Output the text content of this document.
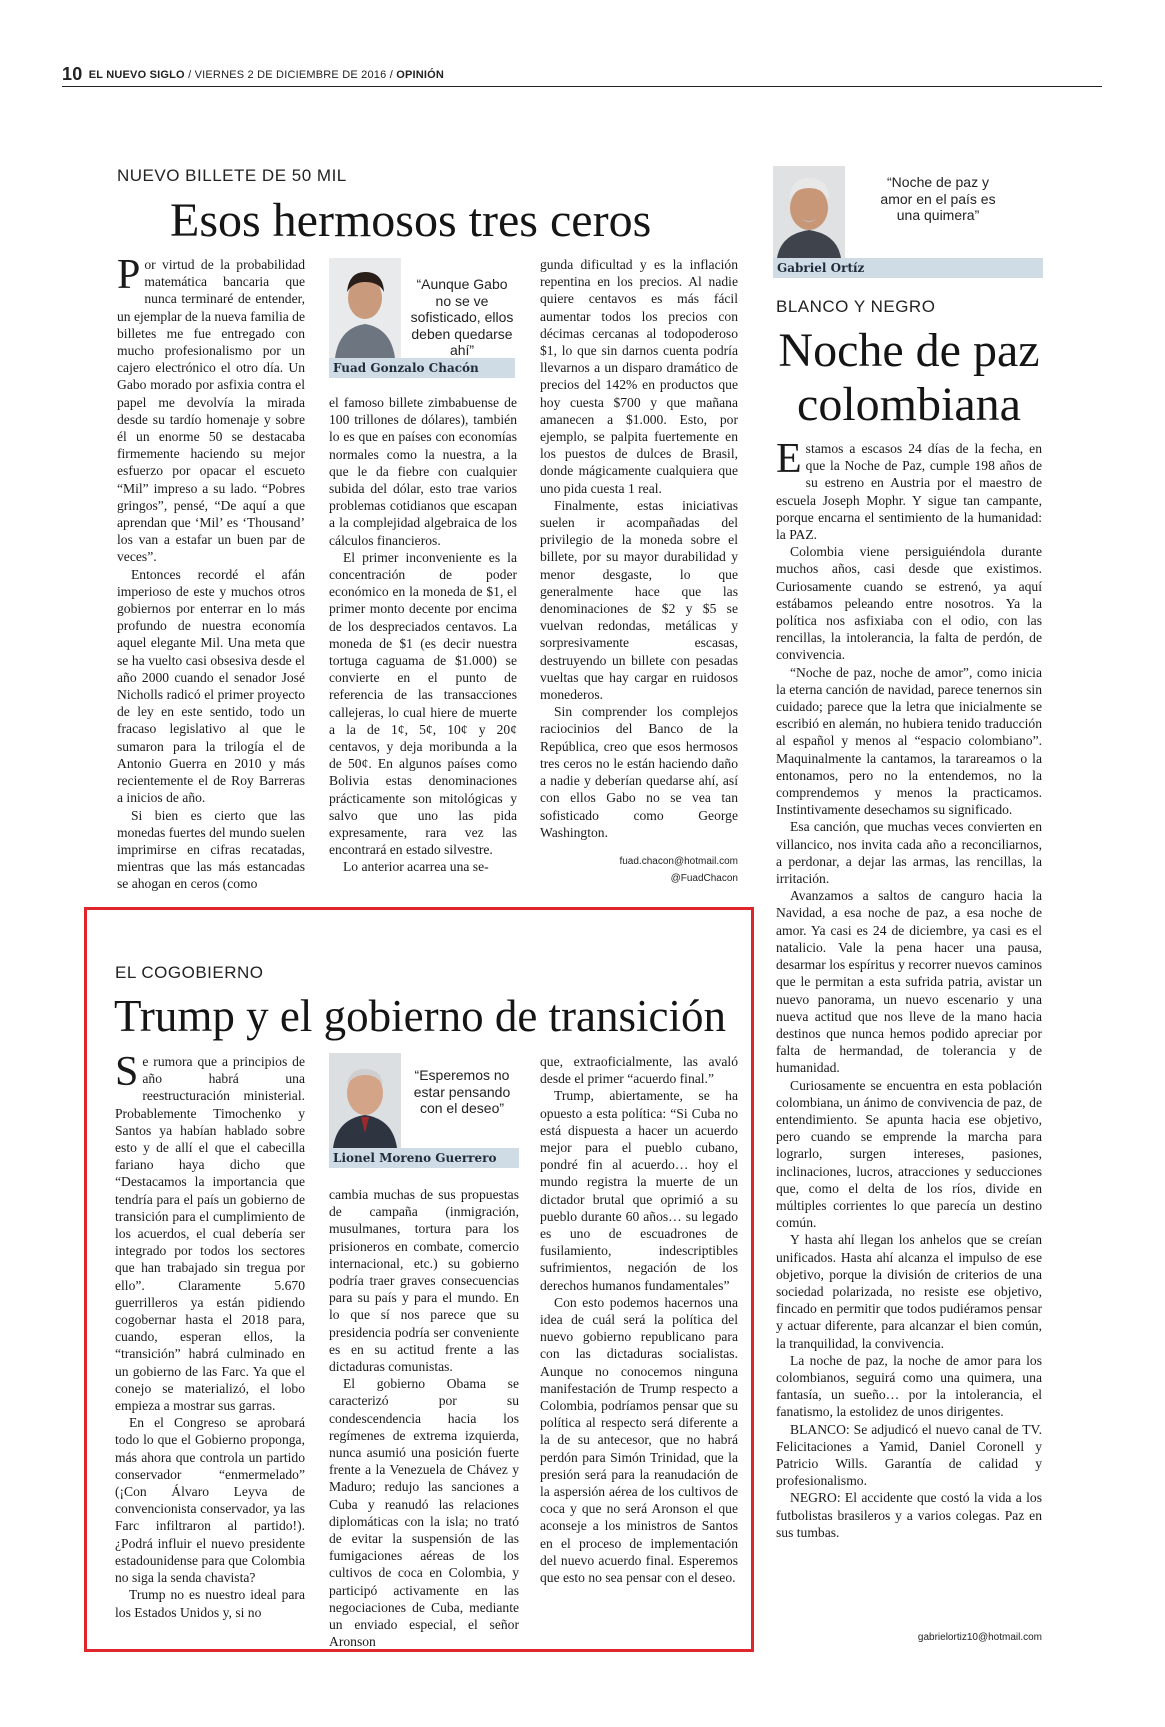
10 EL NUEVO SIGLO / VIERNES 2 DE DICIEMBRE DE 2016 / OPINIÓN
NUEVO BILLETE DE 50 MIL
Esos hermosos tres ceros

Por virtud de la probabilidad matemática bancaria que nunca terminaré de entender, un ejemplar de la nueva familia de billetes me fue entregado con mucho profesionalismo por un cajero electrónico el otro día. Un Gabo morado por asfixia contra el papel me devolvía la mirada desde su tardío homenaje y sobre él un enorme 50 se destacaba firmemente haciendo su mejor esfuerzo por opacar el escueto “Mil” impreso a su lado. “Pobres gringos”, pensé, “De aquí a que aprendan que ‘Mil’ es ‘Thousand’ los van a estafar un buen par de veces”.

Entonces recordé el afán imperioso de este y muchos otros gobiernos por enterrar en lo más profundo de nuestra economía aquel elegante Mil. Una meta que se ha vuelto casi obsesiva desde el año 2000 cuando el senador José Nicholls radicó el primer proyecto de ley en este sentido, todo un fracaso legislativo al que le sumaron para la trilogía el de Antonio Guerra en 2010 y más recientemente el de Roy Barreras a inicios de año.

Si bien es cierto que las monedas fuertes del mundo suelen imprimirse en cifras recatadas, mientras que las más estancadas se ahogan en ceros (como

“Aunque Gabo no se ve sofisticado, ellos deben quedarse ahí”
Fuad Gonzalo Chacón

el famoso billete zimbabuense de 100 trillones de dólares), también lo es que en países con economías normales como la nuestra, a la que le da fiebre con cualquier subida del dólar, esto trae varios problemas cotidianos que escapan a la complejidad algebraica de los cálculos financieros.

El primer inconveniente es la concentración de poder económico en la moneda de $1, el primer monto decente por encima de los despreciados centavos. La moneda de $1 (es decir nuestra tortuga caguama de $1.000) se convierte en el punto de referencia de las transacciones callejeras, lo cual hiere de muerte a la de 1¢, 5¢, 10¢ y 20¢ centavos, y deja moribunda a la de 50¢. En algunos países como Bolivia estas denominaciones prácticamente son mitológicas y salvo que uno las pida expresamente, rara vez las encontrará en estado silvestre.

Lo anterior acarrea una se-

gunda dificultad y es la inflación repentina en los precios. Al nadie quiere centavos es más fácil aumentar todos los precios con décimas cercanas al todopoderoso $1, lo que sin darnos cuenta podría llevarnos a un disparo dramático de precios del 142% en productos que hoy cuesta $700 y que mañana amanecen a $1.000. Esto, por ejemplo, se palpita fuertemente en los puestos de dulces de Brasil, donde mágicamente cualquiera que uno pida cuesta 1 real.

Finalmente, estas iniciativas suelen ir acompañadas del privilegio de la moneda sobre el billete, por su mayor durabilidad y menor desgaste, lo que generalmente hace que las denominaciones de $2 y $5 se vuelvan redondas, metálicas y sorpresivamente escasas, destruyendo un billete con pesadas vueltas que hay cargar en ruidosos monederos.

Sin comprender los complejos raciocinios del Banco de la República, creo que esos hermosos tres ceros no le están haciendo daño a nadie y deberían quedarse ahí, así con ellos Gabo no se vea tan sofisticado como George Washington.

fuad.chacon@hotmail.com
@FuadChacon
“Noche de paz y amor en el país es una quimera”
Gabriel Ortíz
BLANCO Y NEGRO
Noche de paz
colombiana

Estamos a escasos 24 días de la fecha, en que la Noche de Paz, cumple 198 años de su estreno en Austria por el maestro de escuela Joseph Mophr. Y sigue tan campante, porque encarna el sentimiento de la humanidad: la PAZ.

Colombia viene persiguiéndola durante muchos años, casi desde que existimos. Curiosamente cuando se estrenó, ya aquí estábamos peleando entre nosotros. Ya la política nos asfixiaba con el odio, con las rencillas, la intolerancia, la falta de perdón, de convivencia.

“Noche de paz, noche de amor”, como inicia la eterna canción de navidad, parece tenernos sin cuidado; parece que la letra que inicialmente se escribió en alemán, no hubiera tenido traducción al español y menos al “espacio colombiano”. Maquinalmente la cantamos, la tarareamos o la entonamos, pero no la entendemos, no la comprendemos y menos la practicamos. Instintivamente desechamos su significado.

Esa canción, que muchas veces convierten en villancico, nos invita cada año a reconciliarnos, a perdonar, a dejar las armas, las rencillas, la irritación.

Avanzamos a saltos de canguro hacia la Navidad, a esa noche de paz, a esa noche de amor. Ya casi es 24 de diciembre, ya casi es el natalicio. Vale la pena hacer una pausa, desarmar los espíritus y recorrer nuevos caminos que le permitan a esta sufrida patria, avistar un nuevo panorama, un nuevo escenario y una nueva actitud que nos lleve de la mano hacia destinos que nunca hemos podido apreciar por falta de hermandad, de tolerancia y de humanidad.

Curiosamente se encuentra en esta población colombiana, un ánimo de convivencia de paz, de entendimiento. Se apunta hacia ese objetivo, pero cuando se emprende la marcha para lograrlo, surgen intereses, pasiones, inclinaciones, lucros, atracciones y seducciones que, como el delta de los ríos, divide en múltiples corrientes lo que parecía un destino común.

Y hasta ahí llegan los anhelos que se creían unificados. Hasta ahí alcanza el impulso de ese objetivo, porque la división de criterios de una sociedad polarizada, no resiste ese objetivo, fincado en permitir que todos pudiéramos pensar y actuar diferente, para alcanzar el bien común, la tranquilidad, la convivencia.

La noche de paz, la noche de amor para los colombianos, seguirá como una quimera, una fantasía, un sueño… por la intolerancia, el fanatismo, la estolidez de unos dirigentes.

BLANCO: Se adjudicó el nuevo canal de TV. Felicitaciones a Yamid, Daniel Coronell y Patricio Wills. Garantía de calidad y profesionalismo.

NEGRO: El accidente que costó la vida a los futbolistas brasileros y a varios colegas. Paz en sus tumbas.

gabrielortiz10@hotmail.com
EL COGOBIERNO
Trump y el gobierno de transición

Se rumora que a principios de año habrá una reestructuración ministerial. Probablemente Timochenko y Santos ya habían hablado sobre esto y de allí el que el cabecilla fariano haya dicho que “Destacamos la importancia que tendría para el país un gobierno de transición para el cumplimiento de los acuerdos, el cual debería ser integrado por todos los sectores que han trabajado sin tregua por ello”. Claramente 5.670 guerrilleros ya están pidiendo cogobernar hasta el 2018 para, cuando, esperan ellos, la “transición” habrá culminado en un gobierno de las Farc. Ya que el conejo se materializó, el lobo empieza a mostrar sus garras.

En el Congreso se aprobará todo lo que el Gobierno proponga, más ahora que controla un partido conservador “enmermelado” (¡Con Álvaro Leyva de convencionista conservador, ya las Farc infiltraron al partido!). ¿Podrá influir el nuevo presidente estadounidense para que Colombia no siga la senda chavista?

Trump no es nuestro ideal para los Estados Unidos y, si no

“Esperemos no estar pensando con el deseo”
Lionel Moreno Guerrero

cambia muchas de sus propuestas de campaña (inmigración, musulmanes, tortura para los prisioneros en combate, comercio internacional, etc.) su gobierno podría traer graves consecuencias para su país y para el mundo. En lo que sí nos parece que su presidencia podría ser conveniente es en su actitud frente a las dictaduras comunistas.

El gobierno Obama se caracterizó por su condescendencia hacia los regímenes de extrema izquierda, nunca asumió una posición fuerte frente a la Venezuela de Chávez y Maduro; redujo las sanciones a Cuba y reanudó las relaciones diplomáticas con la isla; no trató de evitar la suspensión de las fumigaciones aéreas de los cultivos de coca en Colombia, y participó activamente en las negociaciones de Cuba, mediante un enviado especial, el señor Aronson

que, extraoficialmente, las avaló desde el primer “acuerdo final.”

Trump, abiertamente, se ha opuesto a esta política: “Si Cuba no está dispuesta a hacer un acuerdo mejor para el pueblo cubano, pondré fin al acuerdo… hoy el mundo registra la muerte de un dictador brutal que oprimió a su pueblo durante 60 años… su legado es uno de escuadrones de fusilamiento, indescriptibles sufrimientos, negación de los derechos humanos fundamentales”

Con esto podemos hacernos una idea de cuál será la política del nuevo gobierno republicano para con las dictaduras socialistas. Aunque no conocemos ninguna manifestación de Trump respecto a Colombia, podríamos pensar que su política al respecto será diferente a la de su antecesor, que no habrá perdón para Simón Trinidad, que la presión será para la reanudación de la aspersión aérea de los cultivos de coca y que no será Aronson el que aconseje a los ministros de Santos en el proceso de implementación del nuevo acuerdo final. Esperemos que esto no sea pensar con el deseo.
